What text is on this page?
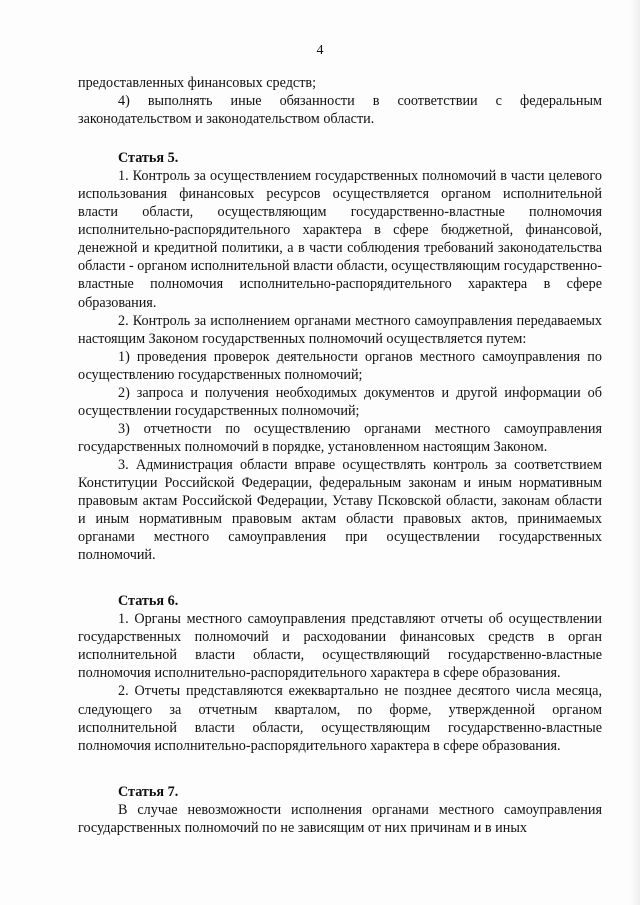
4

предоставленных финансовых средств;

4) выполнять иные обязанности в соответствии с федеральным законодательством и законодательством области.

Статья 5.

1. Контроль за осуществлением государственных полномочий в части целевого использования финансовых ресурсов осуществляется органом исполнительной власти области, осуществляющим государственно-властные полномочия исполнительно-распорядительного характера в сфере бюджетной, финансовой, денежной и кредитной политики, а в части соблюдения требований законодательства области - органом исполнительной власти области, осуществляющим государственно-властные полномочия исполнительно-распорядительного характера в сфере образования.

2. Контроль за исполнением органами местного самоуправления передаваемых настоящим Законом государственных полномочий осуществляется путем:

1) проведения проверок деятельности органов местного самоуправления по осуществлению государственных полномочий;

2) запроса и получения необходимых документов и другой информации об осуществлении государственных полномочий;

3) отчетности по осуществлению органами местного самоуправления государственных полномочий в порядке, установленном настоящим Законом.

3. Администрация области вправе осуществлять контроль за соответствием Конституции Российской Федерации, федеральным законам и иным нормативным правовым актам Российской Федерации, Уставу Псковской области, законам области и иным нормативным правовым актам области правовых актов, принимаемых органами местного самоуправления при осуществлении государственных полномочий.

Статья 6.

1. Органы местного самоуправления представляют отчеты об осуществлении государственных полномочий и расходовании финансовых средств в орган исполнительной власти области, осуществляющий государственно-властные полномочия исполнительно-распорядительного характера в сфере образования.

2. Отчеты представляются ежеквартально не позднее десятого числа месяца, следующего за отчетным кварталом, по форме, утвержденной органом исполнительной власти области, осуществляющим государственно-властные полномочия исполнительно-распорядительного характера в сфере образования.

Статья 7.

В случае невозможности исполнения органами местного самоуправления государственных полномочий по не зависящим от них причинам и в иных
